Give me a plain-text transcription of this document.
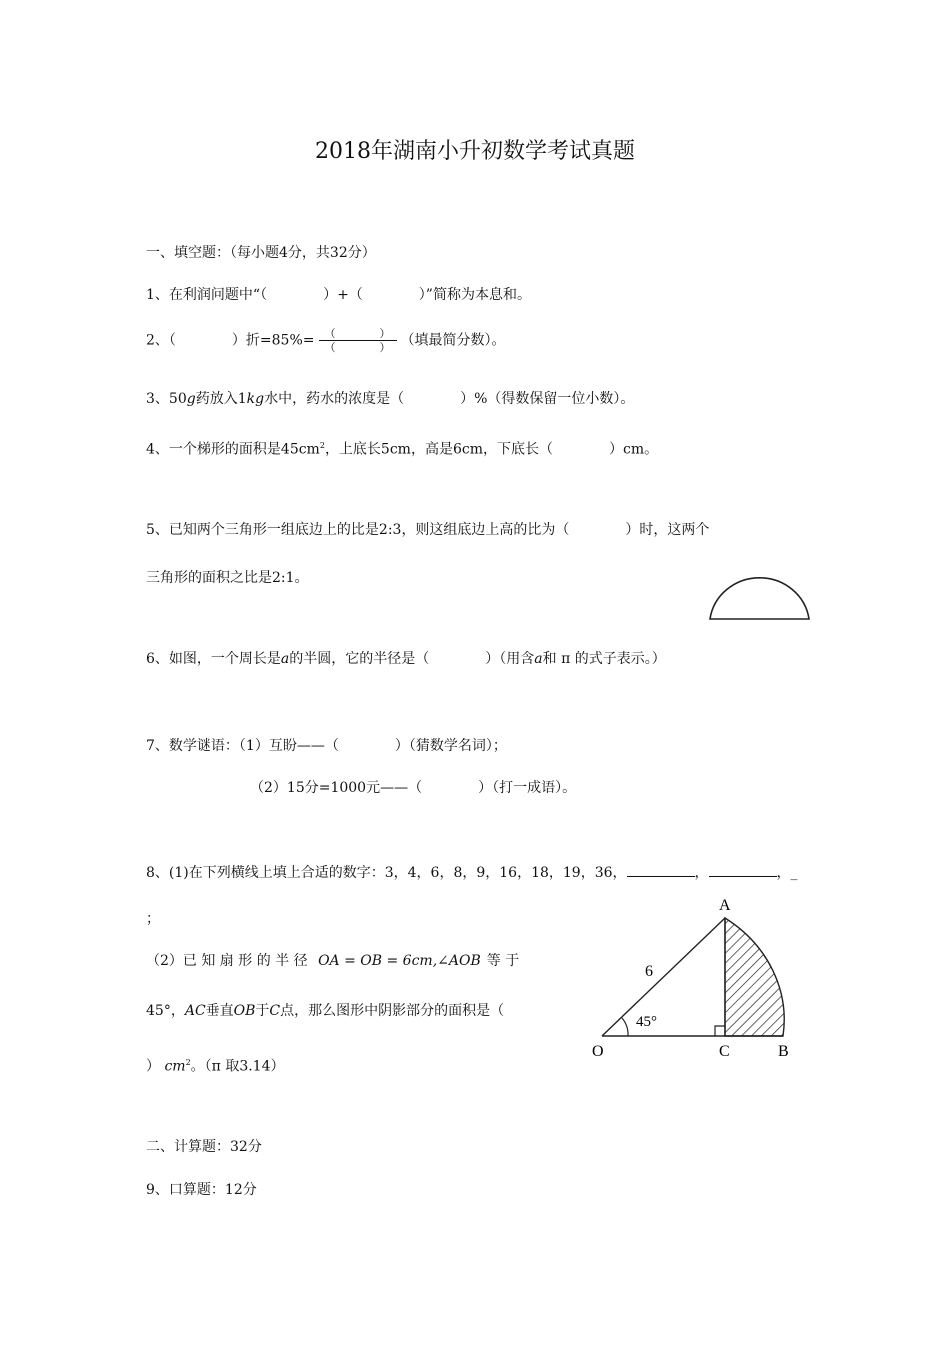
2018年湖南小升初数学考试真题
一、填空题：（每小题4分，共32分）
1、在利润问题中“（　　　　）+（　　　　）”简称为本息和。
2、（　　　　）折$=85\%= \frac{( )}{( )}$ （填最简分数）。
3、50g药放入1kg水中，药水的浓度是（　　　　）%（得数保留一位小数）。
4、一个梯形的面积是$45cm^2$，上底长5cm，高是6cm，下底长（　　　　）cm。
5、已知两个三角形一组底边上的比是2:3，则这组底边上高的比为（　　　　）时，这两个
三角形的面积之比是2:1。
6、如图，一个周长是a的半圆，它的半径是（　　　　）（用含a和 π 的式子表示。）
7、数学谜语：（1）互盼——（　　　　）（猜数学名词）；
（2）15分=1000元——（　　　　）（打一成语）。
8、(1)在下列横线上填上合适的数字：3，4，6，8，9，16，18，19，36，	，	，_
；
（2）已 知 扇 形 的 半 径 OA = OB = 6cm,∠AOB 等 于
45°，AC垂直OB于C点，那么图形中阴影部分的面积是（
） $cm^2$。（π 取3.14）
A
O	C	B
6
45°
二、计算题：32分
9、口算题：12分
